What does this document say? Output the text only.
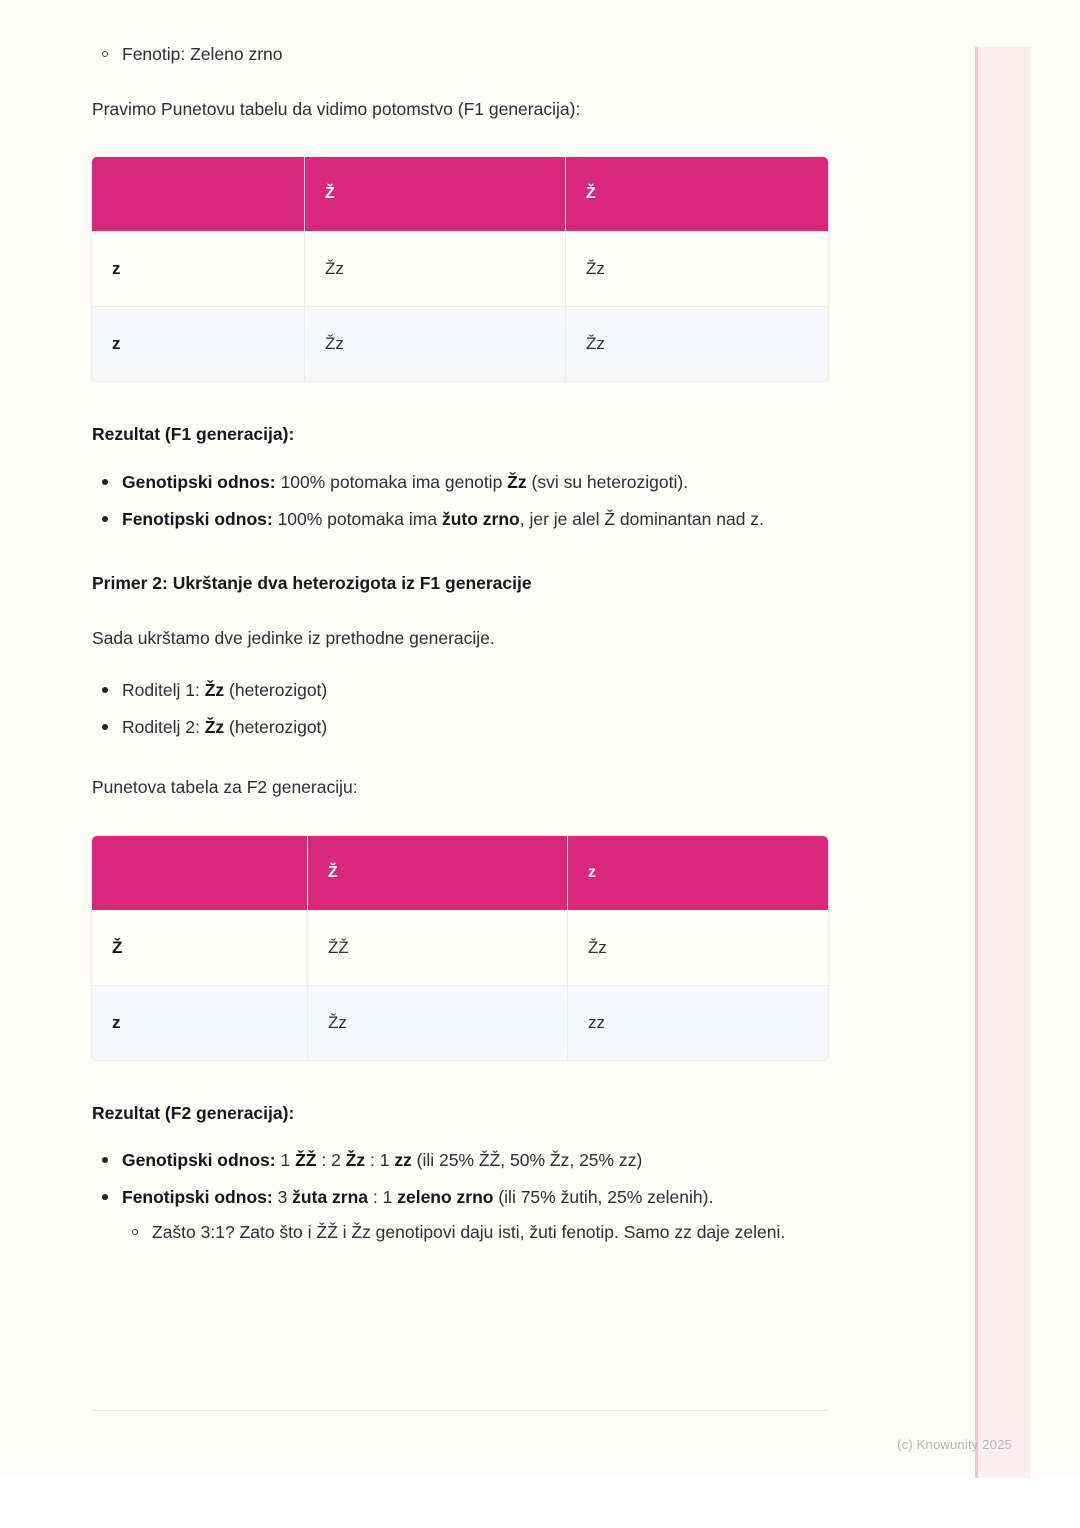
Fenotip: Zeleno zrno

Pravimo Punetovu tabelu da vidimo potomstvo (F1 generacija):

	Ž	Ž
z	Žz	Žz
z	Žz	Žz

Rezultat (F1 generacija):

Genotipski odnos: 100% potomaka ima genotip Žz (svi su heterozigoti).
Fenotipski odnos: 100% potomaka ima žuto zrno, jer je alel Ž dominantan nad z.

Primer 2: Ukrštanje dva heterozigota iz F1 generacije

Sada ukrštamo dve jedinke iz prethodne generacije.

Roditelj 1: Žz (heterozigot)
Roditelj 2: Žz (heterozigot)

Punetova tabela za F2 generaciju:

	Ž	z
Ž	ŽŽ	Žz
z	Žz	zz

Rezultat (F2 generacija):

Genotipski odnos: 1 ŽŽ : 2 Žz : 1 zz (ili 25% ŽŽ, 50% Žz, 25% zz)
Fenotipski odnos: 3 žuta zrna : 1 zeleno zrno (ili 75% žutih, 25% zelenih).
Zašto 3:1? Zato što i ŽŽ i Žz genotipovi daju isti, žuti fenotip. Samo zz daje zeleni.
(c) Knowunity 2025
